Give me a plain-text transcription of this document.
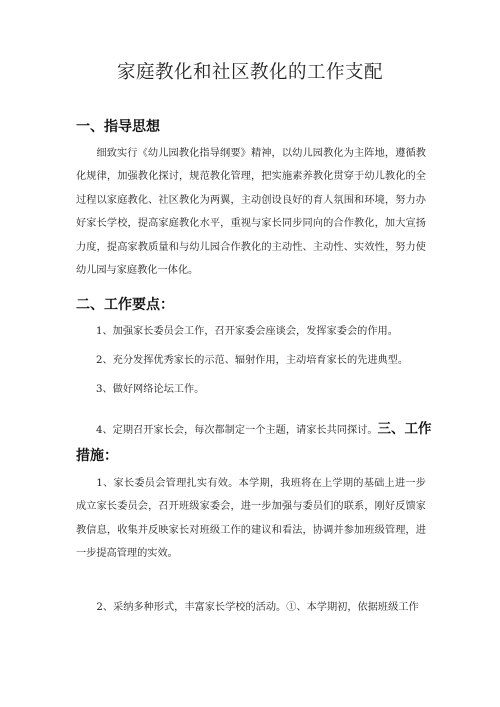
家庭教化和社区教化的工作支配
一、指导思想

细致实行《幼儿园教化指导纲要》精神，以幼儿园教化为主阵地，遵循教化规律，加强教化探讨，规范教化管理，把实施素养教化贯穿于幼儿教化的全过程以家庭教化、社区教化为两翼，主动创设良好的育人氛围和环境，努力办好家长学校，提高家庭教化水平，重视与家长同步同向的合作教化，加大宣扬力度，提高家教质量和与幼儿园合作教化的主动性、主动性、实效性，努力使幼儿园与家庭教化一体化。

二、工作要点：
1、加强家长委员会工作，召开家委会座谈会，发挥家委会的作用。
2、充分发挥优秀家长的示范、辐射作用，主动培育家长的先进典型。
3、做好网络论坛工作。
4、定期召开家长会，每次都制定一个主题，请家长共同探讨。三、工作
措施：

1、家长委员会管理扎实有效。本学期，我班将在上学期的基础上进一步成立家长委员会，召开班级家委会，进一步加强与委员们的联系，刚好反馈家教信息，收集并反映家长对班级工作的建议和看法，协调并参加班级管理，进一步提高管理的实效。

2、采纳多种形式，丰富家长学校的活动。①、本学期初，依据班级工作
